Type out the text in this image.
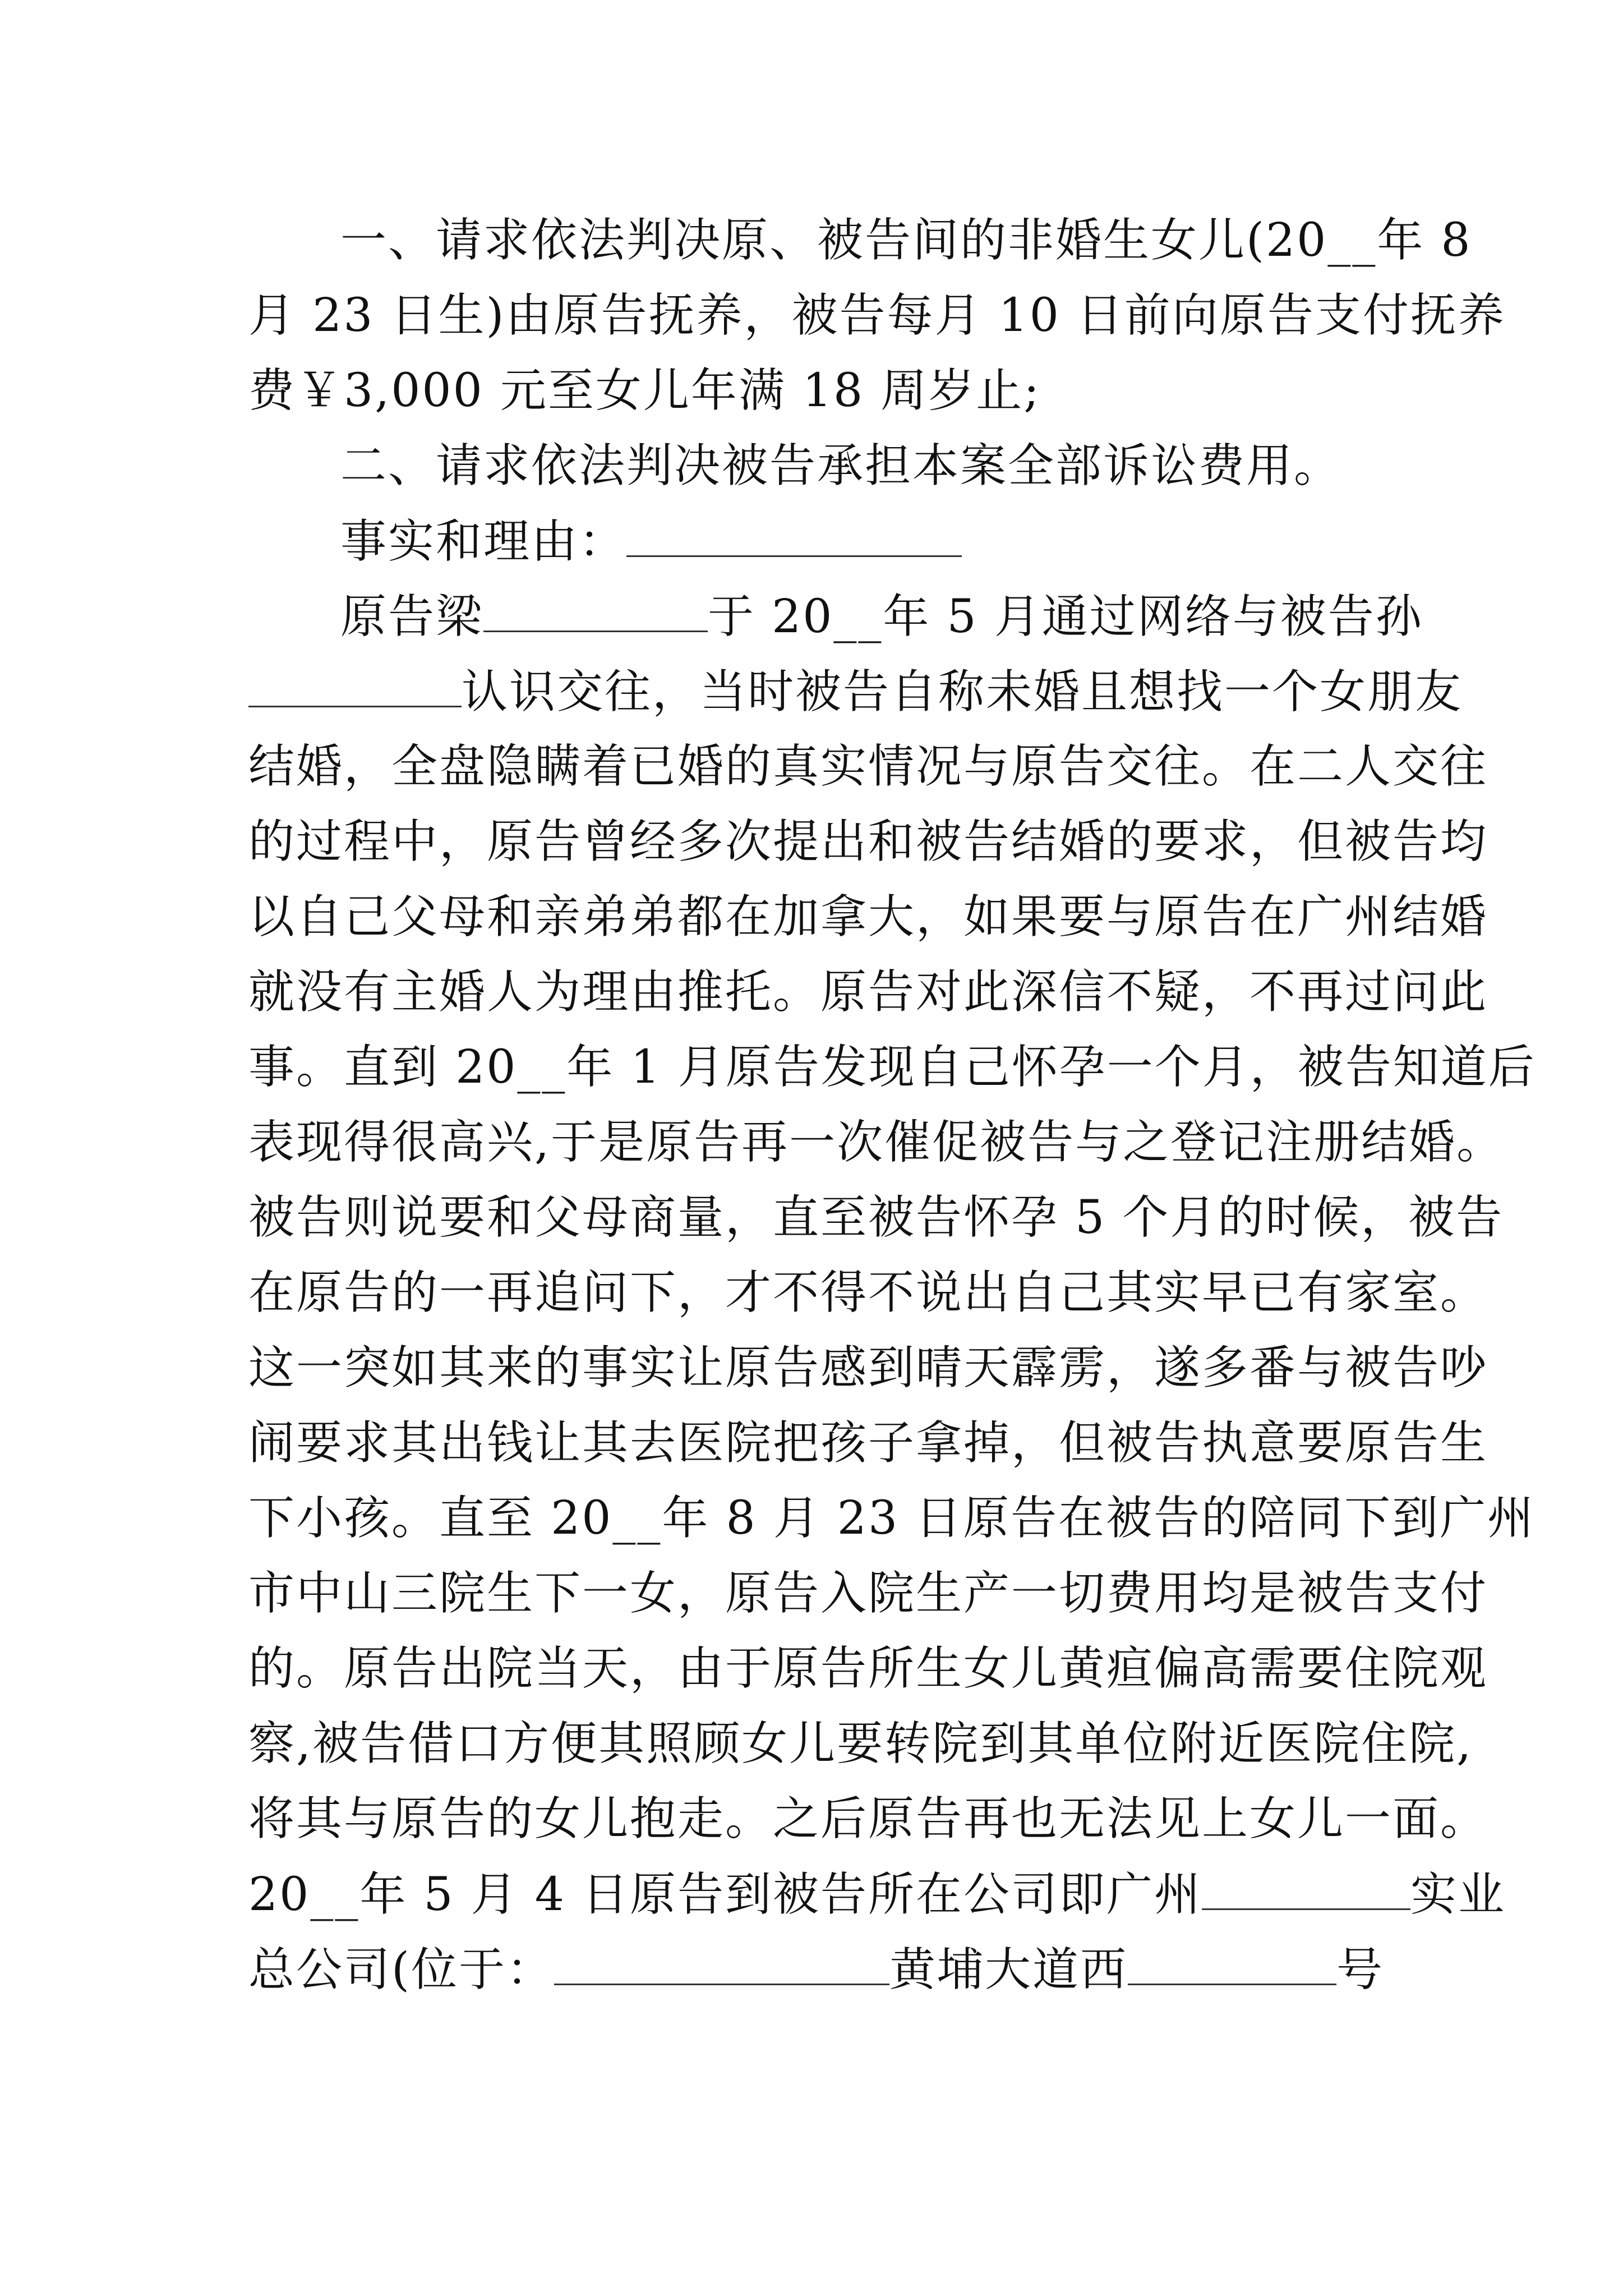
一、请求依法判决原、被告间的非婚生女儿(20__年 8
月 23 日生)由原告抚养，被告每月 10 日前向原告支付抚养
费￥3,000 元至女儿年满 18 周岁止;
二、请求依法判决被告承担本案全部诉讼费用。
事实和理由：
原告梁	于 20__年 5 月通过网络与被告孙
认识交往，当时被告自称未婚且想找一个女朋友
结婚，全盘隐瞒着已婚的真实情况与原告交往。在二人交往
的过程中，原告曾经多次提出和被告结婚的要求，但被告均
以自己父母和亲弟弟都在加拿大，如果要与原告在广州结婚
就没有主婚人为理由推托。原告对此深信不疑，不再过问此
事。直到 20__年 1 月原告发现自己怀孕一个月，被告知道后
表现得很高兴,于是原告再一次催促被告与之登记注册结婚。
被告则说要和父母商量，直至被告怀孕 5 个月的时候，被告
在原告的一再追问下，才不得不说出自己其实早已有家室。
这一突如其来的事实让原告感到晴天霹雳，遂多番与被告吵
闹要求其出钱让其去医院把孩子拿掉，但被告执意要原告生
下小孩。直至 20__年 8 月 23 日原告在被告的陪同下到广州
市中山三院生下一女，原告入院生产一切费用均是被告支付
的。原告出院当天，由于原告所生女儿黄疸偏高需要住院观
察,被告借口方便其照顾女儿要转院到其单位附近医院住院,
将其与原告的女儿抱走。之后原告再也无法见上女儿一面。
20__年 5 月 4 日原告到被告所在公司即广州	实业
总公司(位于：	黄埔大道西	号
